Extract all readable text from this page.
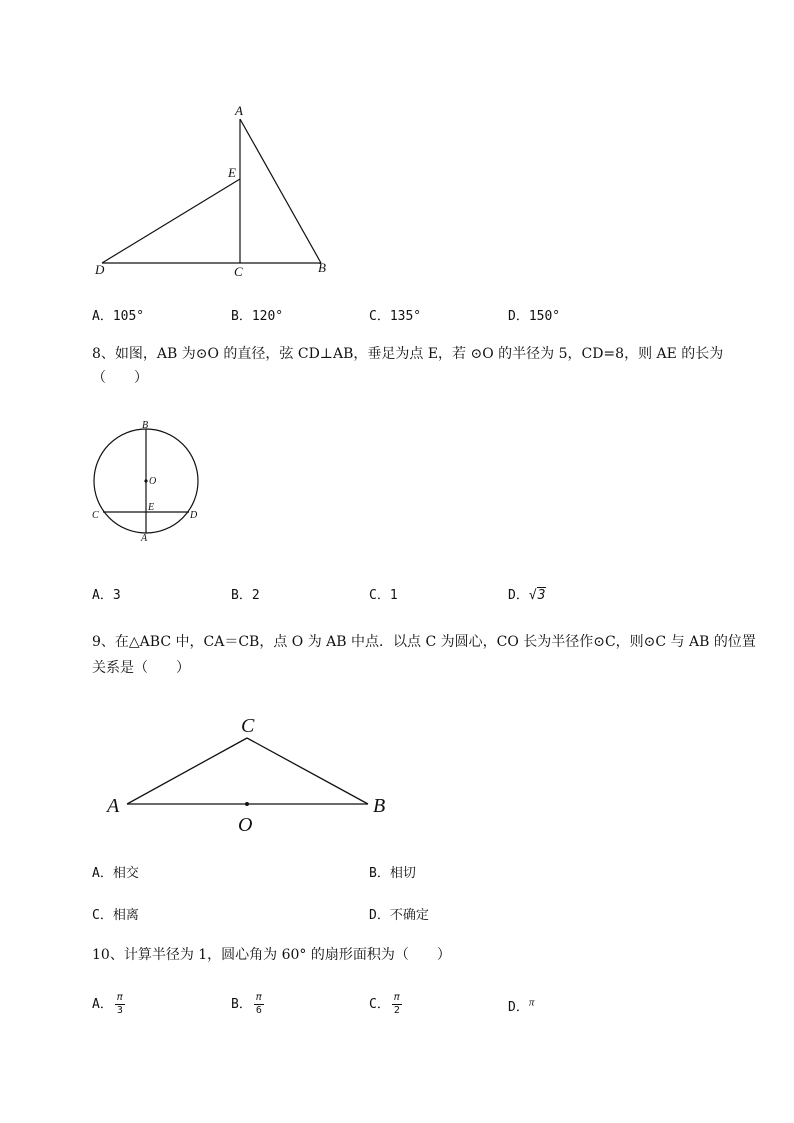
A
E
D	C	B
A．105°	B．120°	C．135°	D．150°
8、如图，AB 为⊙O 的直径，弦 CD⊥AB，垂足为点 E，若 ⊙O 的半径为 5，CD=8，则 AE 的长为
（　　）
B
O
C
E
D
A
A．3	B．2	C．1	D．√3
9、在△ABC 中，CA＝CB，点 O 为 AB 中点．以点 C 为圆心，CO 长为半径作⊙C，则⊙C 与 AB 的位置
关系是（　　）
C
A	B
O
A．相交	B．相切
C．相离	D．不确定
10、计算半径为 1，圆心角为 60° 的扇形面积为（　　）
A． $\frac{\pi}{3}$	B． $\frac{\pi}{6}$	C． $\frac{\pi}{2}$	D．$^\pi$
